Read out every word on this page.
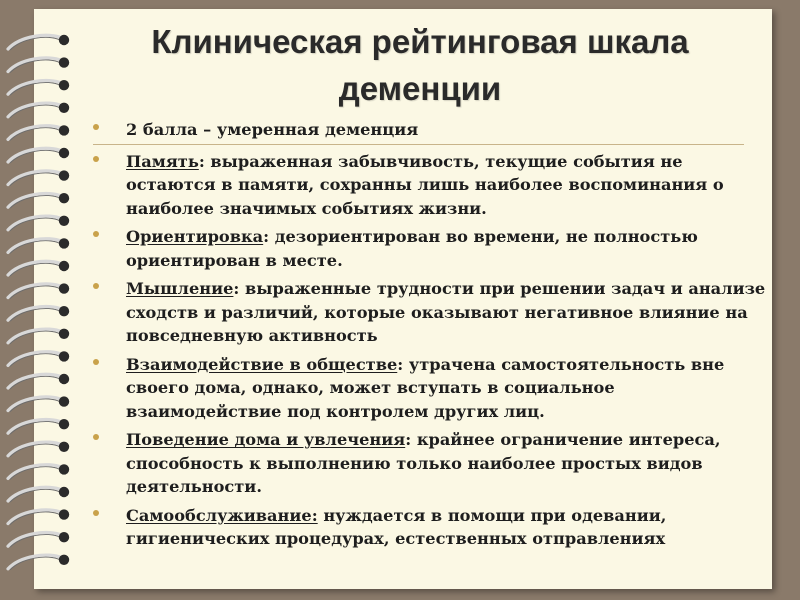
Клиническая рейтинговая шкала
деменции
2 балла – умеренная деменция
Память: выраженная забывчивость, текущие события не остаются в памяти, сохранны лишь наиболее воспоминания о наиболее значимых событиях жизни.
Ориентировка: дезориентирован во времени, не полностью ориентирован в месте.
Мышление: выраженные трудности при решении задач и анализе сходств и различий, которые оказывают негативное влияние на повседневную активность
Взаимодействие в обществе: утрачена самостоятельность вне своего дома, однако, может вступать в социальное взаимодействие под контролем других лиц.
Поведение дома и увлечения: крайнее ограничение интереса, способность к выполнению только наиболее простых видов деятельности.
Самообслуживание: нуждается в помощи при одевании, гигиенических процедурах, естественных отправлениях
